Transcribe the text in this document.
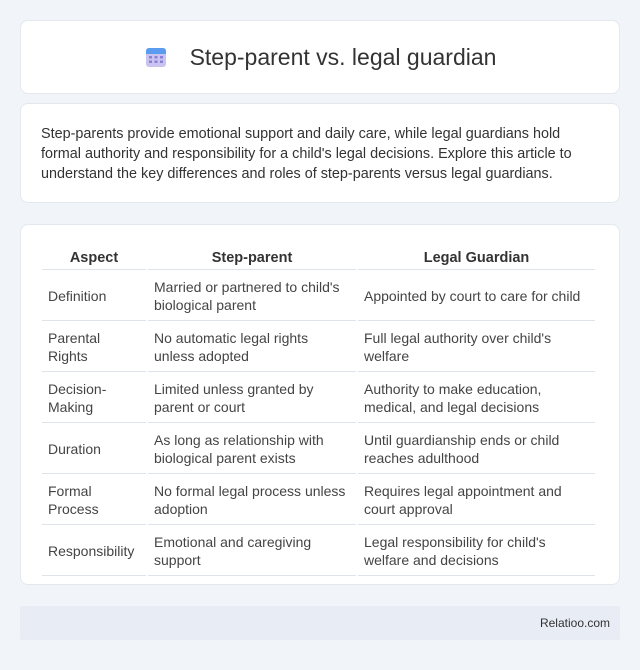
Step-parent vs. legal guardian

Step-parents provide emotional support and daily care, while legal guardians hold formal authority and responsibility for a child's legal decisions. Explore this article to understand the key differences and roles of step-parents versus legal guardians.

Aspect	Step-parent	Legal Guardian
Definition	Married or partnered to child's biological parent	Appointed by court to care for child
Parental Rights	No automatic legal rights unless adopted	Full legal authority over child's welfare
Decision-Making	Limited unless granted by parent or court	Authority to make education, medical, and legal decisions
Duration	As long as relationship with biological parent exists	Until guardianship ends or child reaches adulthood
Formal Process	No formal legal process unless adoption	Requires legal appointment and court approval
Responsibility	Emotional and caregiving support	Legal responsibility for child's welfare and decisions
Relatioo.com
